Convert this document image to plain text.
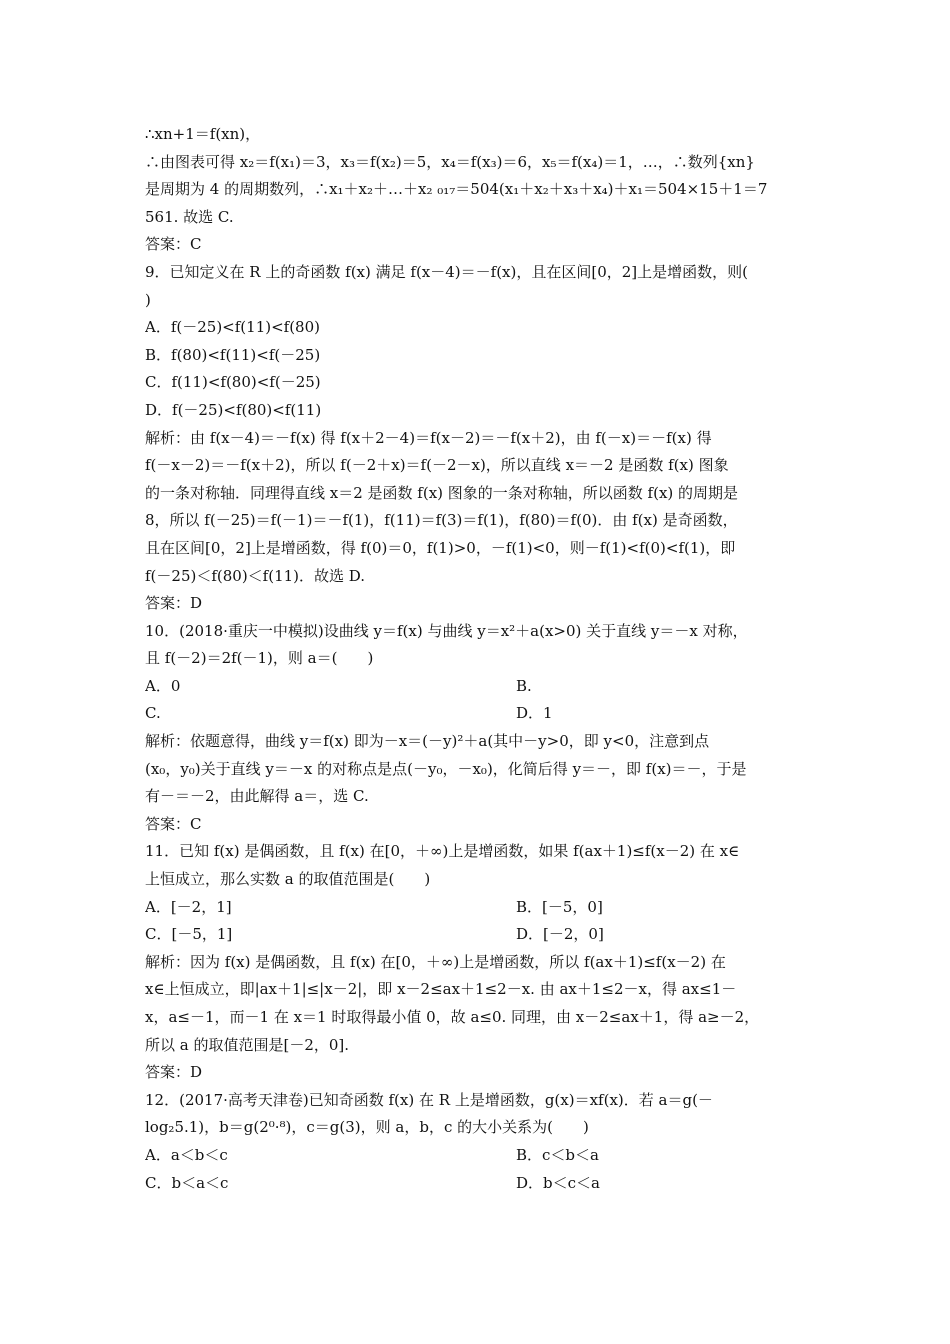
∴xn+1＝f(xn)，
∴由图表可得 x₂＝f(x₁)＝3，x₃＝f(x₂)＝5，x₄＝f(x₃)＝6，x₅＝f(x₄)＝1，…，∴数列{xn}
是周期为 4 的周期数列，∴x₁＋x₂＋…＋x₂ ₀₁₇＝504(x₁＋x₂＋x₃＋x₄)＋x₁＝504×15＋1＝7
561. 故选 C.
答案：C
9．已知定义在 R 上的奇函数 f(x) 满足 f(x－4)＝－f(x)，且在区间[0，2]上是增函数，则(
)
A．f(－25)<f(11)<f(80)
B．f(80)<f(11)<f(－25)
C．f(11)<f(80)<f(－25)
D．f(－25)<f(80)<f(11)
解析：由 f(x－4)＝－f(x) 得 f(x＋2－4)＝f(x－2)＝－f(x＋2)，由 f(－x)＝－f(x) 得
f(－x－2)＝－f(x＋2)，所以 f(－2＋x)＝f(－2－x)，所以直线 x＝－2 是函数 f(x) 图象
的一条对称轴．同理得直线 x＝2 是函数 f(x) 图象的一条对称轴，所以函数 f(x) 的周期是
8，所以 f(－25)＝f(－1)＝－f(1)，f(11)＝f(3)＝f(1)，f(80)＝f(0)．由 f(x) 是奇函数，
且在区间[0，2]上是增函数，得 f(0)＝0，f(1)>0，－f(1)<0，则－f(1)<f(0)<f(1)，即
f(－25)＜f(80)＜f(11)．故选 D.
答案：D
10．(2018·重庆一中模拟)设曲线 y＝f(x) 与曲线 y＝x²＋a(x>0) 关于直线 y＝－x 对称，
且 f(－2)＝2f(－1)，则 a＝(　　)
A．0	B.
C.	D．1
解析：依题意得，曲线 y＝f(x) 即为－x＝(－y)²＋a(其中－y>0，即 y<0，注意到点
(x₀，y₀)关于直线 y＝－x 的对称点是点(－y₀，－x₀)，化简后得 y＝－，即 f(x)＝－，于是
有－＝－2，由此解得 a＝，选 C.
答案：C
11．已知 f(x) 是偶函数，且 f(x) 在[0，＋∞)上是增函数，如果 f(ax＋1)≤f(x－2) 在 x∈
上恒成立，那么实数 a 的取值范围是(　　)
A．[－2，1]	B．[－5，0]
C．[－5，1]	D．[－2，0]
解析：因为 f(x) 是偶函数，且 f(x) 在[0，＋∞)上是增函数，所以 f(ax＋1)≤f(x－2) 在
x∈上恒成立，即|ax＋1|≤|x－2|，即 x－2≤ax＋1≤2－x. 由 ax＋1≤2－x，得 ax≤1－
x，a≤－1，而－1 在 x＝1 时取得最小值 0，故 a≤0. 同理，由 x－2≤ax＋1，得 a≥－2，
所以 a 的取值范围是[－2，0].
答案：D
12．(2017·高考天津卷)已知奇函数 f(x) 在 R 上是增函数，g(x)＝xf(x)．若 a＝g(－
log₂5.1)，b＝g(2⁰·⁸)，c＝g(3)，则 a，b，c 的大小关系为(　　)
A．a＜b＜c	B．c＜b＜a
C．b＜a＜c	D．b＜c＜a
